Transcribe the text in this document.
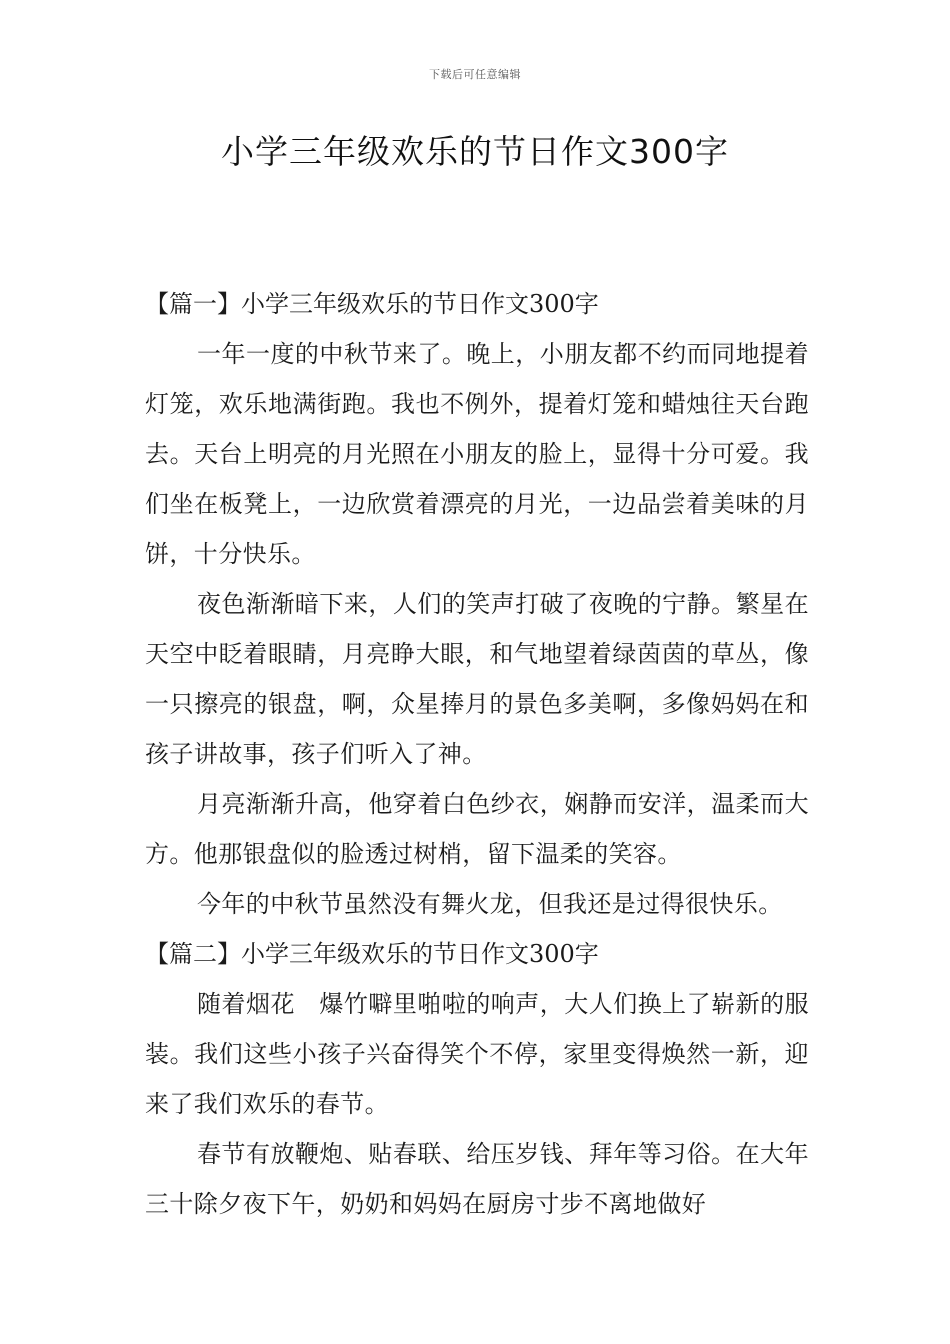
下载后可任意编辑
小学三年级欢乐的节日作文300字
【篇一】小学三年级欢乐的节日作文300字

一年一度的中秋节来了。晚上，小朋友都不约而同地提着灯笼，欢乐地满街跑。我也不例外，提着灯笼和蜡烛往天台跑去。天台上明亮的月光照在小朋友的脸上，显得十分可爱。我们坐在板凳上，一边欣赏着漂亮的月光，一边品尝着美味的月饼，十分快乐。

夜色渐渐暗下来，人们的笑声打破了夜晚的宁静。繁星在天空中眨着眼睛，月亮睁大眼，和气地望着绿茵茵的草丛，像一只擦亮的银盘，啊，众星捧月的景色多美啊，多像妈妈在和孩子讲故事，孩子们听入了神。

月亮渐渐升高，他穿着白色纱衣，娴静而安洋，温柔而大方。他那银盘似的脸透过树梢，留下温柔的笑容。

今年的中秋节虽然没有舞火龙，但我还是过得很快乐。

【篇二】小学三年级欢乐的节日作文300字

随着烟花　爆竹噼里啪啦的响声，大人们换上了崭新的服装。我们这些小孩子兴奋得笑个不停，家里变得焕然一新，迎来了我们欢乐的春节。

春节有放鞭炮、贴春联、给压岁钱、拜年等习俗。在大年三十除夕夜下午，奶奶和妈妈在厨房寸步不离地做好
